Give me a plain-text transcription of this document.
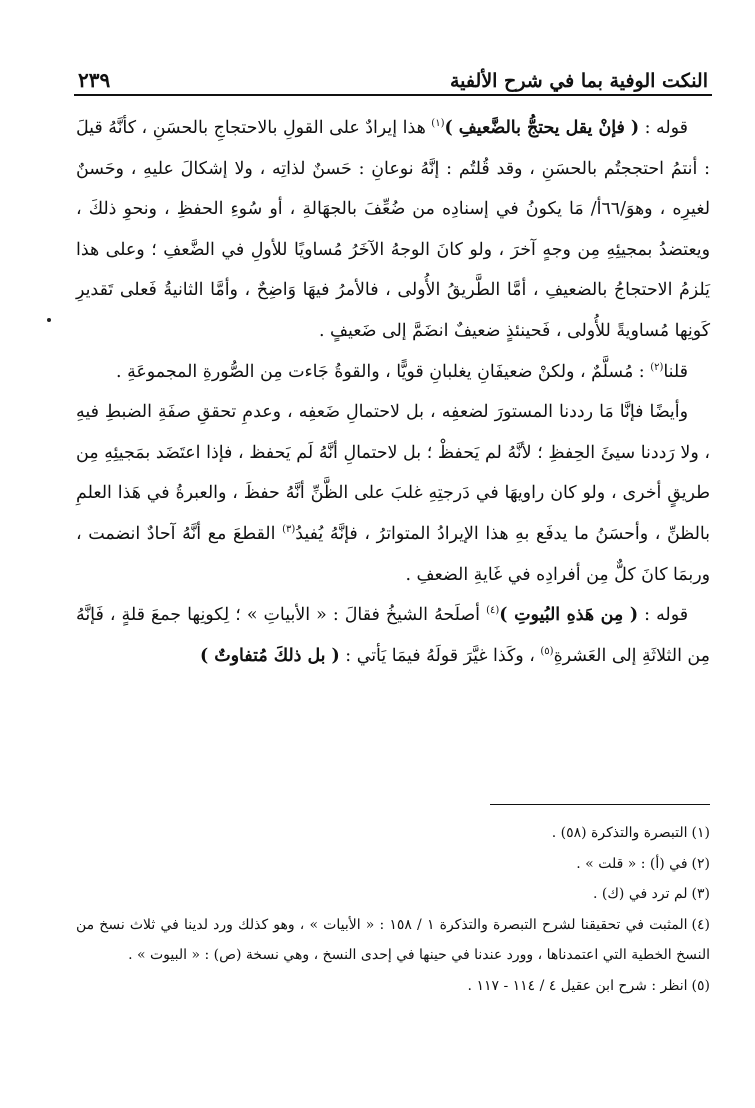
النكت الوفية بما في شرح الألفية
٢٣٩

قوله : ( فإنْ يقل يحتجُّ بالضَّعيفِ )$^{(١)}$ هذا إيرادٌ على القولِ بالاحتجاجِ بالحسَنِ ، كأنَّهُ قيلَ : أنتمُ احتججتُم بالحسَنِ ، وقد قُلتُم : إنَّهُ نوعانِ : حَسنٌ لذاتِه ، ولا إشكالَ عليهِ ، وحَسنٌ لغيرِه ، وهوَ/٦٦أ/ مَا يكونُ في إسنادِه من ضُعِّفَ بالجهَالةِ ، أو سُوءِ الحفظِ ، ونحوِ ذلكَ ، ويعتضدُ بمجيئِهِ مِن وجهٍ آخرَ ، ولو كانَ الوجهُ الآخَرُ مُساويًا للأولِ في الضَّعفِ ؛ وعلى هذا يَلزمُ الاحتجاجُ بالضعيفِ ، أمَّا الطَّريقُ الأُولى ، فالأمرُ فيهَا وَاضِحٌ ، وأمَّا الثانيةُ فَعلى تَقديرِ كَونِها مُساويةً للأُولى ، فَحينئذٍ ضعيفٌ انضَمَّ إلى ضَعيفٍ .

قلنا$^{(٢)}$ : مُسلَّمٌ ، ولكنْ ضعيفَانِ يغلبانِ قويًّا ، والقوةُ جَاءت مِن الصُّورةِ المجموعَةِ .

وأيضًا فإنَّا مَا رددنا المستورَ لضعفِه ، بل لاحتمالِ ضَعفِه ، وعدمِ تحققِ صفَةِ الضبطِ فيهِ ، ولا رَددنا سيئَ الحِفظِ ؛ لأنَّهُ لم يَحفظْ ؛ بل لاحتمالِ أنَّهُ لَم يَحفظ ، فإذا اعتَضَد بمَجيئِهِ مِن طريقٍ أخرى ، ولو كان راويهَا في دَرجتِهِ غلبَ على الظَّنِّ أنَّهُ حفظَ ، والعبرةُ في هَذا العلمِ بالظنِّ ، وأحسَنُ ما يدفَع بهِ هذا الإيرادُ المتواترُ ، فإنَّهُ يُفيدُ$^{(٣)}$ القطعَ مع أنَّهُ آحادٌ انضمت ، وربمَا كانَ كلٌّ مِن أفرادِه في غَايةِ الضعفِ .

قوله : ( مِن هَذهِ البُيوتِ )$^{(٤)}$ أصلَحهُ الشيخُ فقالَ : « الأبياتِ » ؛ لِكونِها جمعَ قلةٍ ، فَإنَّهُ مِن الثلاثَةِ إلى العَشرةِ$^{(٥)}$ ، وكَذا غيَّرَ قولَهُ فيمَا يَأتي : ( بل ذلكَ مُتفاوتٌ )

(١)التبصرة والتذكرة (٥٨) .

(٢)في (أ) : « قلت » .

(٣)لم ترد في (ك) .

(٤)المثبت في تحقيقنا لشرح التبصرة والتذكرة ١ / ١٥٨ : « الأبيات » ، وهو كذلك ورد لدينا في ثلاث نسخ من النسخ الخطية التي اعتمدناها ، وورد عندنا في حينها في إحدى النسخ ، وهي نسخة (ص) : « البيوت » .

(٥)انظر : شرح ابن عقيل ٤ / ١١٤ - ١١٧ .
